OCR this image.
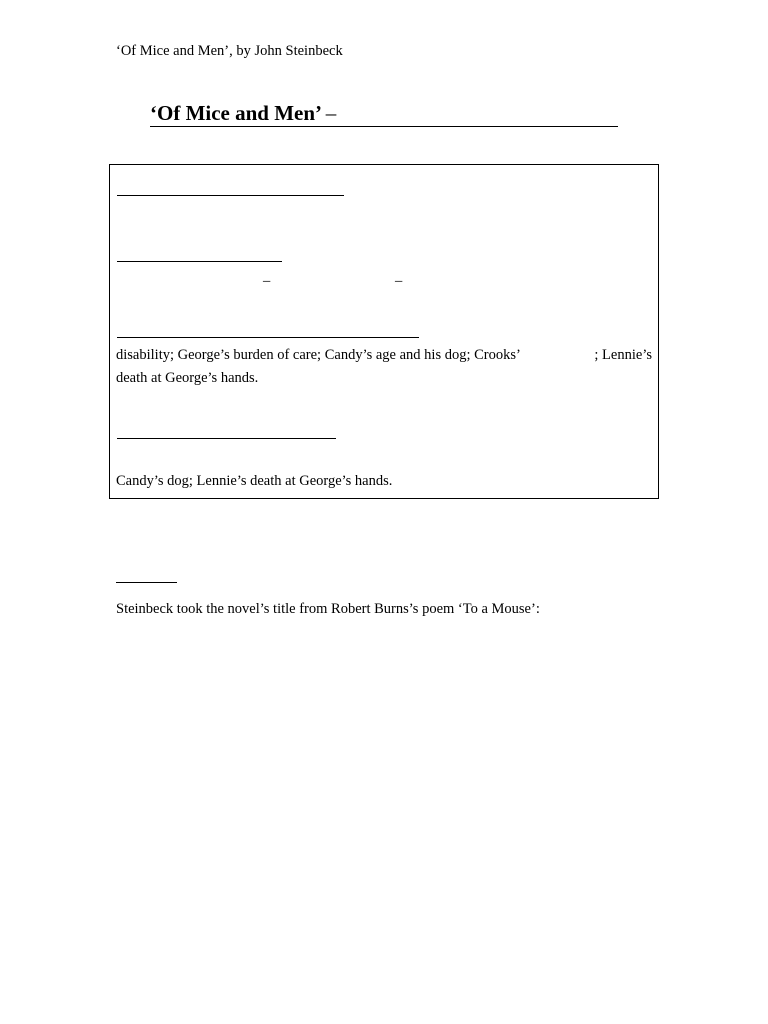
‘Of Mice and Men’, by John Steinbeck
‘Of Mice and Men’ –
–	–
disability; George’s burden of care; Candy’s age and his dog; Crooks’	; Lennie’s
death at George’s hands.
Candy’s dog; Lennie’s death at George’s hands.
Steinbeck took the novel’s title from Robert Burns’s poem ‘To a Mouse’:
